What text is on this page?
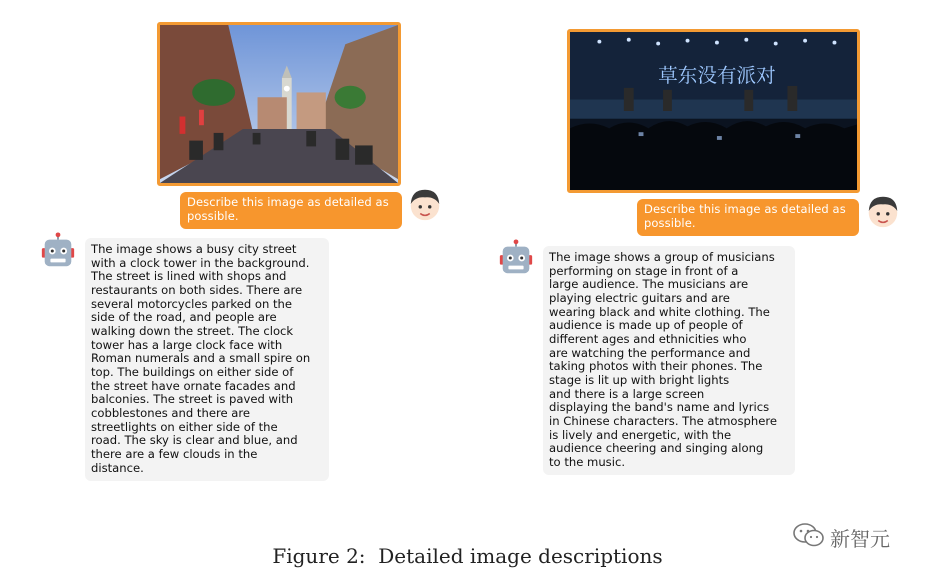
Describe this image as detailed as
possible.

The image shows a busy city street
with a clock tower in the background.
The street is lined with shops and
restaurants on both sides. There are
several motorcycles parked on the
side of the road, and people are
walking down the street. The clock
tower has a large clock face with
Roman numerals and a small spire on
top. The buildings on either side of
the street have ornate facades and
balconies. The street is paved with
cobblestones and there are
streetlights on either side of the
road. The sky is clear and blue, and
there are a few clouds in the
distance.

草东没有派对
Describe this image as detailed as
possible.

The image shows a group of musicians
performing on stage in front of a
large audience. The musicians are
playing electric guitars and are
wearing black and white clothing. The
audience is made up of people of
different ages and ethnicities who
are watching the performance and
taking photos with their phones. The
stage is lit up with bright lights
and there is a large screen
displaying the band's name and lyrics
in Chinese characters. The atmosphere
is lively and energetic, with the
audience cheering and singing along
to the music.

Figure 2:  Detailed image descriptions
新智元
